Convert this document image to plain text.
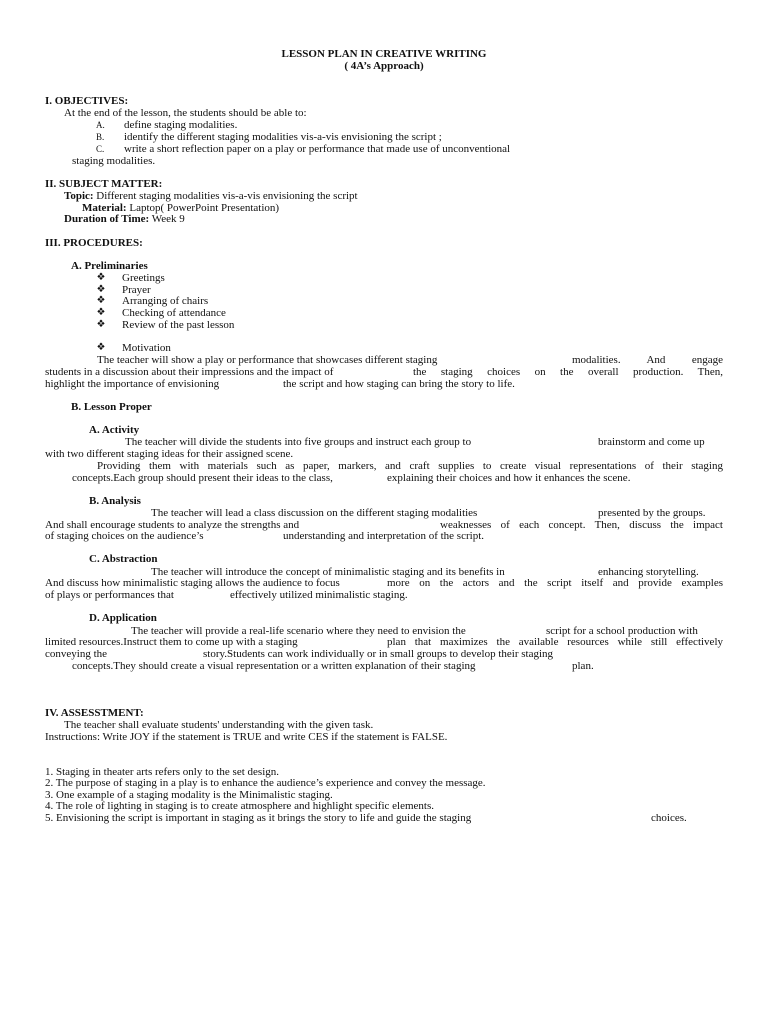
LESSON PLAN IN CREATIVE WRITING
( 4A’s Approach)
I. OBJECTIVES:
At the end of the lesson, the students should be able to:
A. define staging modalities.
B. identify the different staging modalities vis-a-vis envisioning the script ;
C. write a short reflection paper on a play or performance that made use of unconventional
staging modalities.
II. SUBJECT MATTER:
Topic: Different staging modalities vis-a-vis envisioning the script
Material: Laptop( PowerPoint Presentation)
Duration of Time: Week 9
III. PROCEDURES:
A. Preliminaries
❖ Greetings
❖ Prayer
❖ Arranging of chairs
❖ Checking of attendance
❖ Review of the past lesson
❖ Motivation
The teacher will show a play or performance that showcases different staging	modalities. And engage
students in a discussion about their impressions and the impact of	the staging choices on the overall production. Then,
highlight the importance of envisioning	the script and how staging can bring the story to life.
B. Lesson Proper
A. Activity
The teacher will divide the students into five groups and instruct each group to	brainstorm and come up
with two different staging ideas for their assigned scene.
Providing them with materials such as paper, markers, and craft supplies to create visual representations of their staging
concepts.Each group should present their ideas to the class,	explaining their choices and how it enhances the scene.
B. Analysis
The teacher will lead a class discussion on the different staging modalities	presented by the groups.
And shall encourage students to analyze the strengths and	weaknesses of each concept. Then, discuss the impact
of staging choices on the audience’s	understanding and interpretation of the script.
C. Abstraction
The teacher will introduce the concept of minimalistic staging and its benefits in	enhancing storytelling.
And discuss how minimalistic staging allows the audience to focus	more on the actors and the script itself and provide examples
of plays or performances that	effectively utilized minimalistic staging.
D. Application
The teacher will provide a real-life scenario where they need to envision the	script for a school production with
limited resources.Instruct them to come up with a staging	plan that maximizes the available resources while still effectively
conveying the	story.Students can work individually or in small groups to develop their staging
concepts.They should create a visual representation or a written explanation of their staging	plan.
IV. ASSESSTMENT:
The teacher shall evaluate students' understanding with the given task.
Instructions: Write JOY if the statement is TRUE and write CES if the statement is FALSE.
1. Staging in theater arts refers only to the set design.
2. The purpose of staging in a play is to enhance the audience’s experience and convey the message.
3. One example of a staging modality is the Minimalistic staging.
4. The role of lighting in staging is to create atmosphere and highlight specific elements.
5. Envisioning the script is important in staging as it brings the story to life and guide the staging	choices.
